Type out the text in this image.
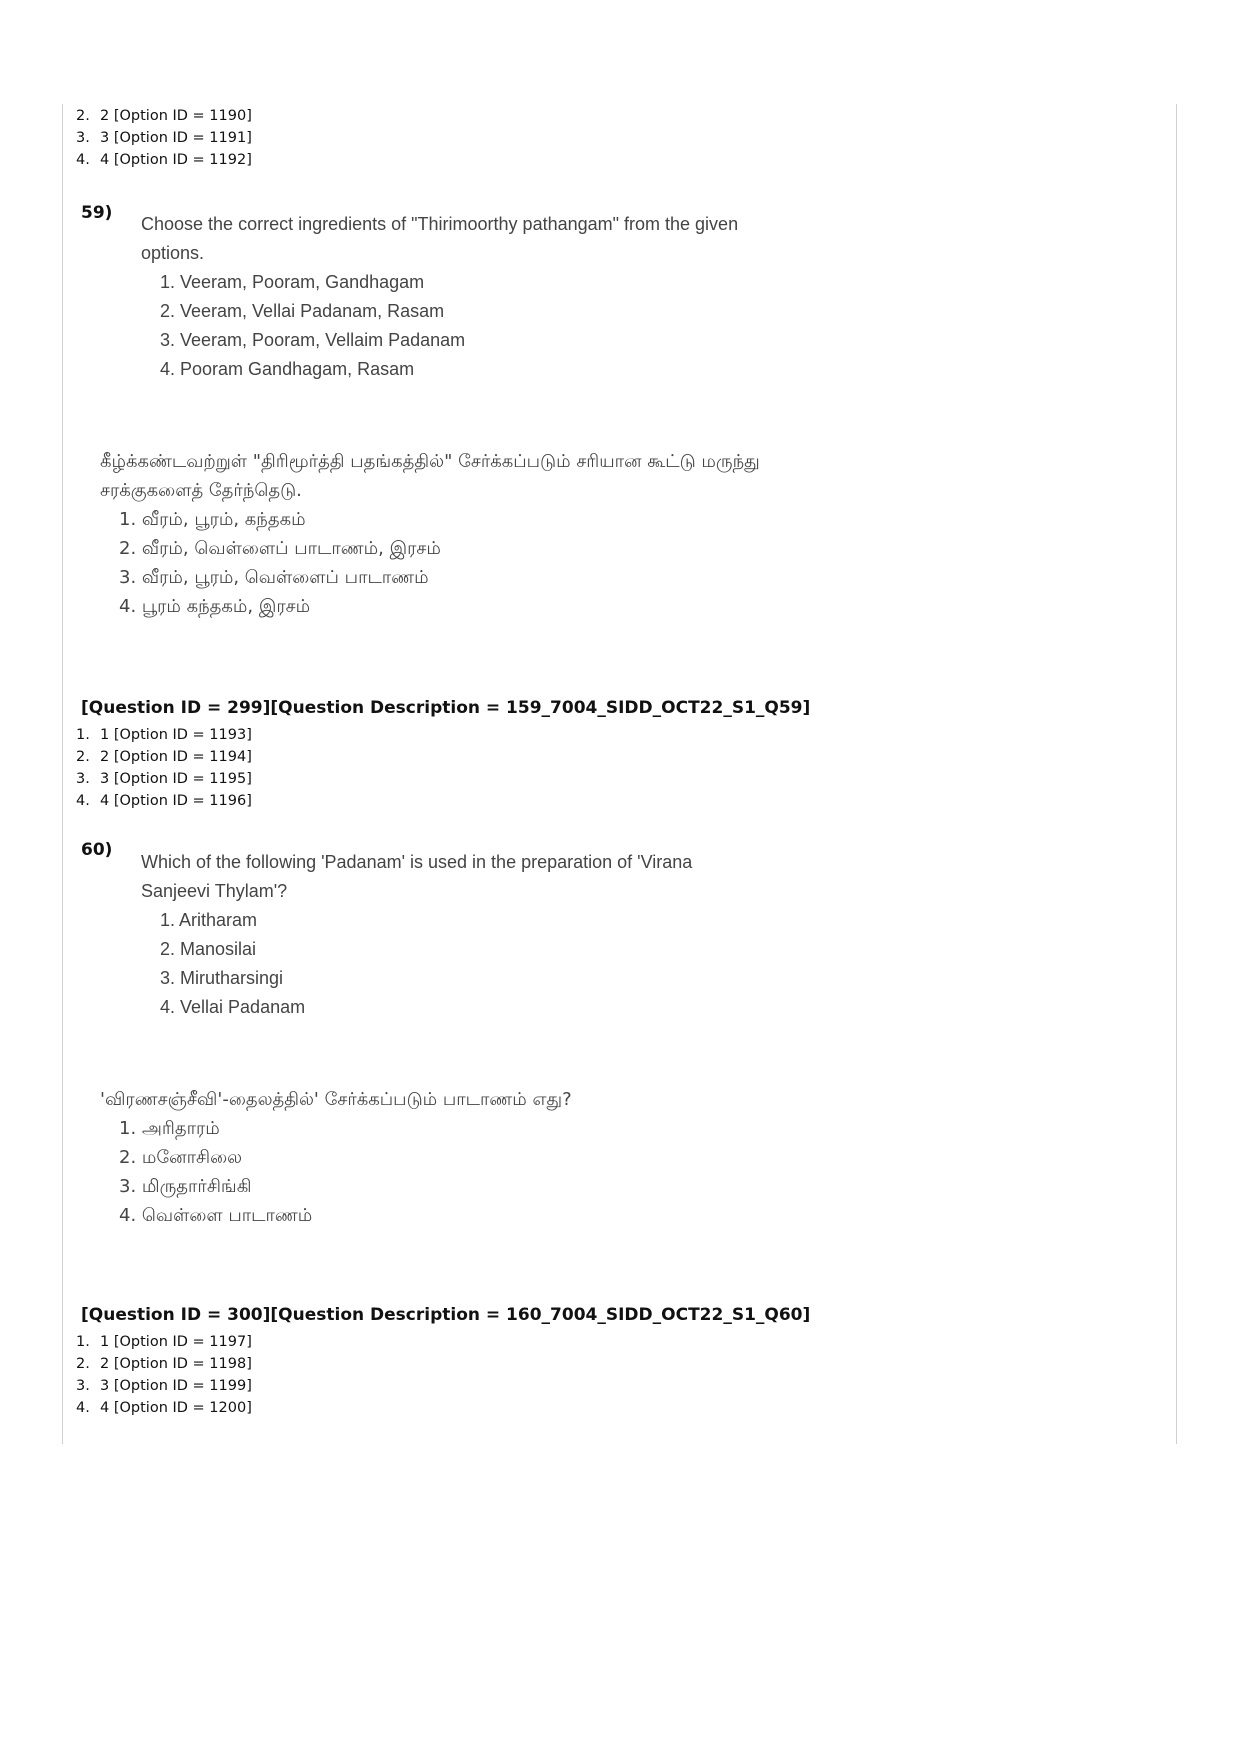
2. 2 [Option ID = 1190]
3. 3 [Option ID = 1191]
4. 4 [Option ID = 1192]
59)

Choose the correct ingredients of "Thirimoorthy pathangam" from the given options.

1. Veeram, Pooram, Gandhagam
2. Veeram, Vellai Padanam, Rasam
3. Veeram, Pooram, Vellaim Padanam
4. Pooram Gandhagam, Rasam

கீழ்க்கண்டவற்றுள் "திரிமூர்த்தி பதங்கத்தில்" சேர்க்கப்படும் சரியான கூட்டு மருந்து சரக்குகளைத் தேர்ந்தெடு.

1. வீரம், பூரம், கந்தகம்
2. வீரம், வெள்ளைப் பாடாணம், இரசம்
3. வீரம், பூரம், வெள்ளைப் பாடாணம்
4. பூரம் கந்தகம், இரசம்
[Question ID = 299][Question Description = 159_7004_SIDD_OCT22_S1_Q59]
1. 1 [Option ID = 1193]
2. 2 [Option ID = 1194]
3. 3 [Option ID = 1195]
4. 4 [Option ID = 1196]
60)

Which of the following 'Padanam' is used in the preparation of 'Virana Sanjeevi Thylam'?

1. Aritharam
2. Manosilai
3. Mirutharsingi
4. Vellai Padanam

'விரணசஞ்சீவி'-தைலத்தில்' சேர்க்கப்படும் பாடாணம் எது?

1. அரிதாரம்
2. மனோசிலை
3. மிருதார்சிங்கி
4. வெள்ளை பாடாணம்
[Question ID = 300][Question Description = 160_7004_SIDD_OCT22_S1_Q60]
1. 1 [Option ID = 1197]
2. 2 [Option ID = 1198]
3. 3 [Option ID = 1199]
4. 4 [Option ID = 1200]
